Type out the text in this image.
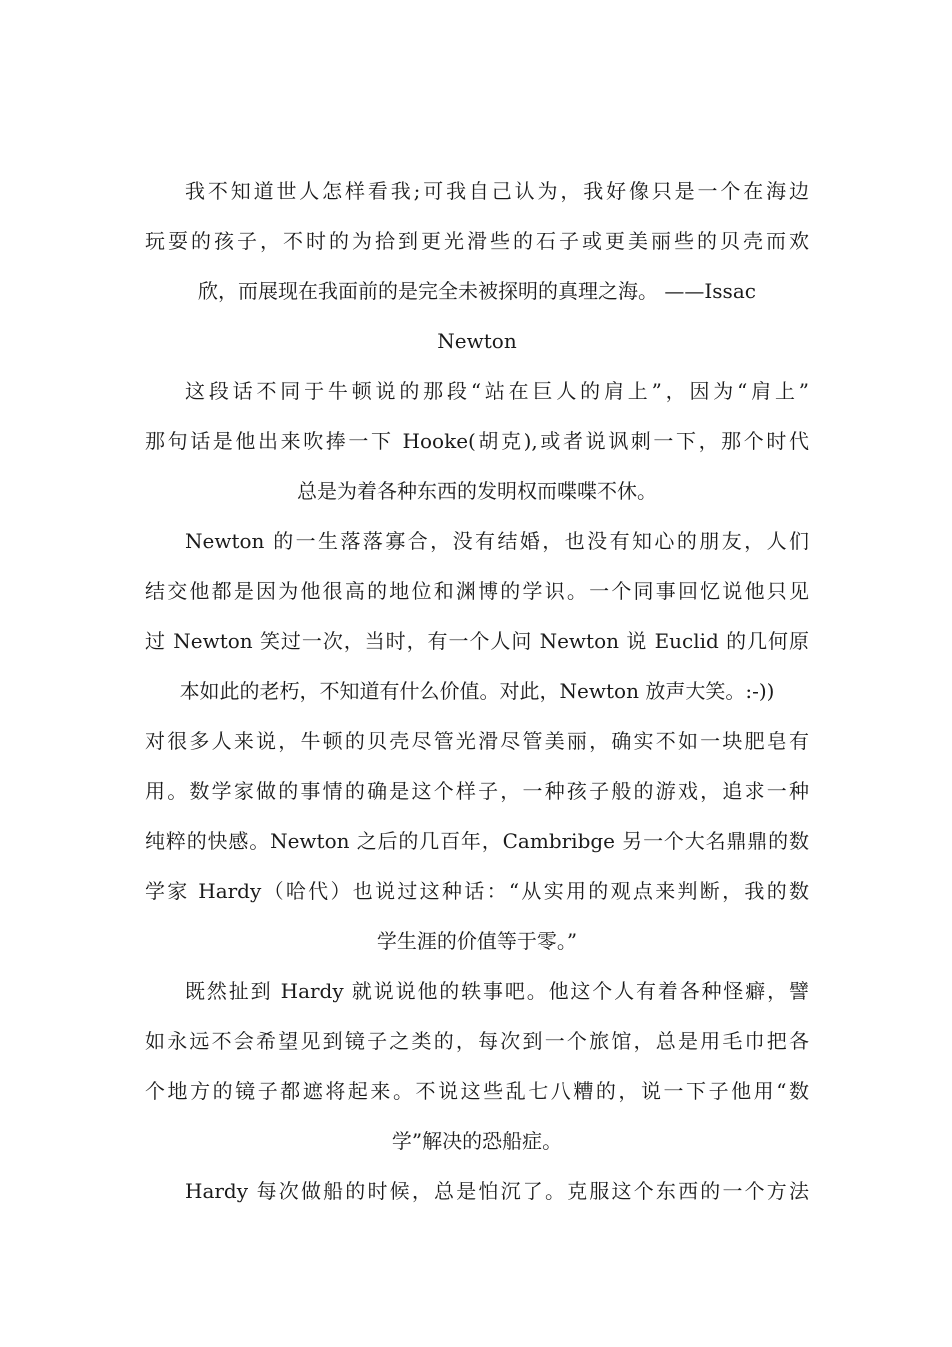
我不知道世人怎样看我;可我自己认为，我好像只是一个在海边
玩耍的孩子，不时的为拾到更光滑些的石子或更美丽些的贝壳而欢
欣，而展现在我面前的是完全未被探明的真理之海。 ——Issac
Newton
这段话不同于牛顿说的那段“站在巨人的肩上”，因为“肩上”
那句话是他出来吹捧一下 Hooke(胡克),或者说讽刺一下，那个时代
总是为着各种东西的发明权而喋喋不休。
Newton 的一生落落寡合，没有结婚，也没有知心的朋友，人们
结交他都是因为他很高的地位和渊博的学识。一个同事回忆说他只见
过 Newton 笑过一次，当时，有一个人问 Newton 说 Euclid 的几何原
本如此的老朽，不知道有什么价值。对此，Newton 放声大笑。:-))
对很多人来说，牛顿的贝壳尽管光滑尽管美丽，确实不如一块肥皂有
用。数学家做的事情的确是这个样子，一种孩子般的游戏，追求一种
纯粹的快感。Newton 之后的几百年，Cambribge 另一个大名鼎鼎的数
学家 Hardy（哈代）也说过这种话：“从实用的观点来判断，我的数
学生涯的价值等于零。”
既然扯到 Hardy 就说说他的轶事吧。他这个人有着各种怪癖，譬
如永远不会希望见到镜子之类的，每次到一个旅馆，总是用毛巾把各
个地方的镜子都遮将起来。不说这些乱七八糟的，说一下子他用“数
学”解决的恐船症。
Hardy 每次做船的时候，总是怕沉了。克服这个东西的一个方法
